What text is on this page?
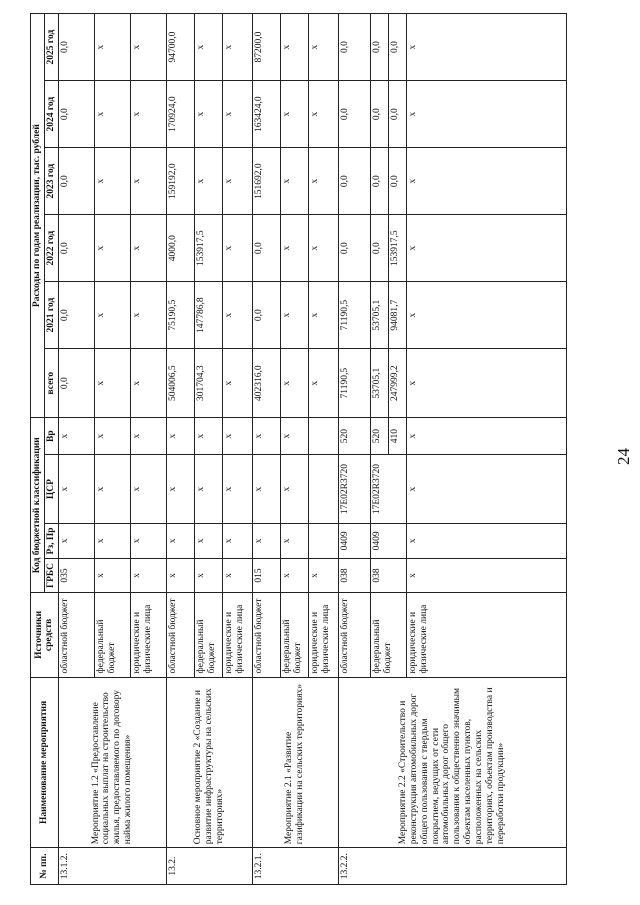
24
№ пп.	Наименование мероприятия	Источники средств	Код бюджетной классификации				Расходы по годам реализации, тыс. рублей					
			ГРБС	Рз, Пр	ЦСР	Вр	всего	2021 год	2022 год	2023 год	2024 год	2025 год
13.1.2.	Мероприятие 1.2 «Предоставление социальных выплат на строительство жилья, предоставляемого по договору найма жилого помещения»	областной бюджет	035	x	x	x	0,0	0,0	0,0	0,0	0,0	0,0
		федеральный бюджет	x	x	x	x	x	x	x	x	x	x
		юридические и физические лица	x	x	x	x	x	x	x	x	x	x
13.2.	Основное мероприятие 2 «Создание и развитие инфраструктуры на сельских территориях»	областной бюджет	x	x	x	x	504006,5	75190,5	4000,0	159192,0	170924,0	94700,0
		федеральный бюджет	x	x	x	x	301704,3	147786,8	153917,5	x	x	x
		юридические и физические лица	x	x	x	x	x	x	x	x	x	x
13.2.1.	Мероприятие 2.1 «Развитие газификации на сельских территориях»	областной бюджет	015	x	x	x	402316,0	0,0	0,0	151692,0	163424,0	87200,0
		федеральный бюджет	x	x	x	x	x	x	x	x	x	x
		юридические и физические лица	x				x	x	x	x	x	x
13.2.2.	Мероприятие 2.2 «Строительство и реконструкция автомобильных дорог общего пользования с твердым покрытием, ведущих от сети автомобильных дорог общего пользования к общественно значимым объектам населенных пунктов, расположенных на сельских территориях, объектам производства и переработки продукции»	областной бюджет	038	0409	17Е02R3720	520	71190,5	71190,5	0,0	0,0	0,0	0,0
		федеральный бюджет	038	0409	17Е02R3720	520	53705,1	53705,1	0,0	0,0	0,0	0,0
						410	247999,2	94081,7	153917,5	0,0	0,0	0,0
		юридические и физические лица	x	x	x	x	x	x	x	x	x	x
